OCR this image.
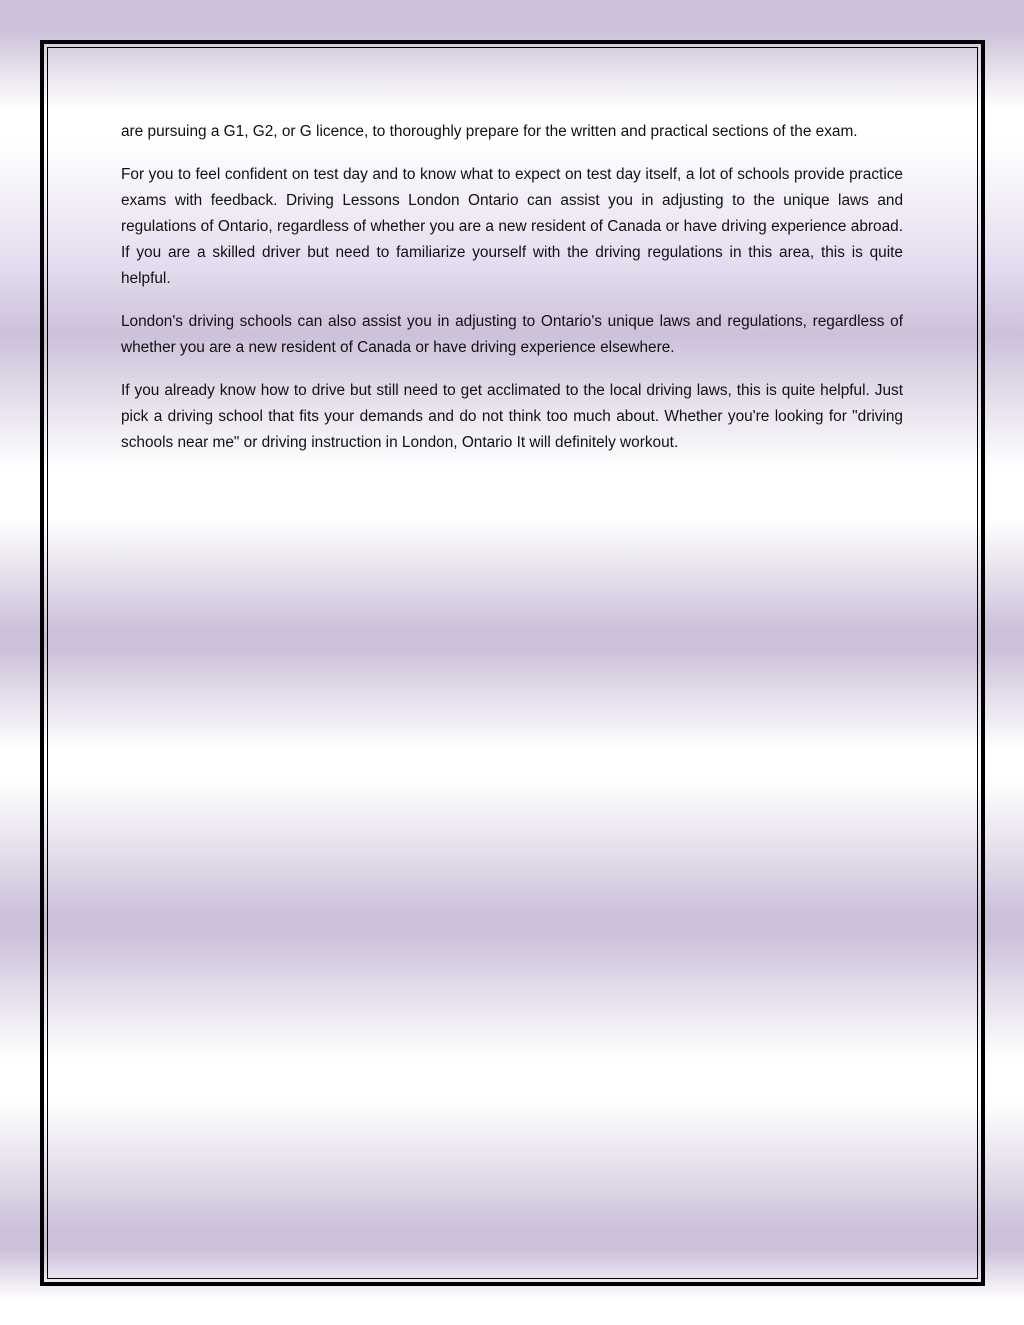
are pursuing a G1, G2, or G licence, to thoroughly prepare for the written and practical sections of the exam.

For you to feel confident on test day and to know what to expect on test day itself, a lot of schools provide practice exams with feedback. Driving Lessons London Ontario can assist you in adjusting to the unique laws and regulations of Ontario, regardless of whether you are a new resident of Canada or have driving experience abroad. If you are a skilled driver but need to familiarize yourself with the driving regulations in this area, this is quite helpful.

London's driving schools can also assist you in adjusting to Ontario's unique laws and regulations, regardless of whether you are a new resident of Canada or have driving experience elsewhere.

If you already know how to drive but still need to get acclimated to the local driving laws, this is quite helpful. Just pick a driving school that fits your demands and do not think too much about. Whether you're looking for "driving schools near me" or driving instruction in London, Ontario It will definitely workout.
